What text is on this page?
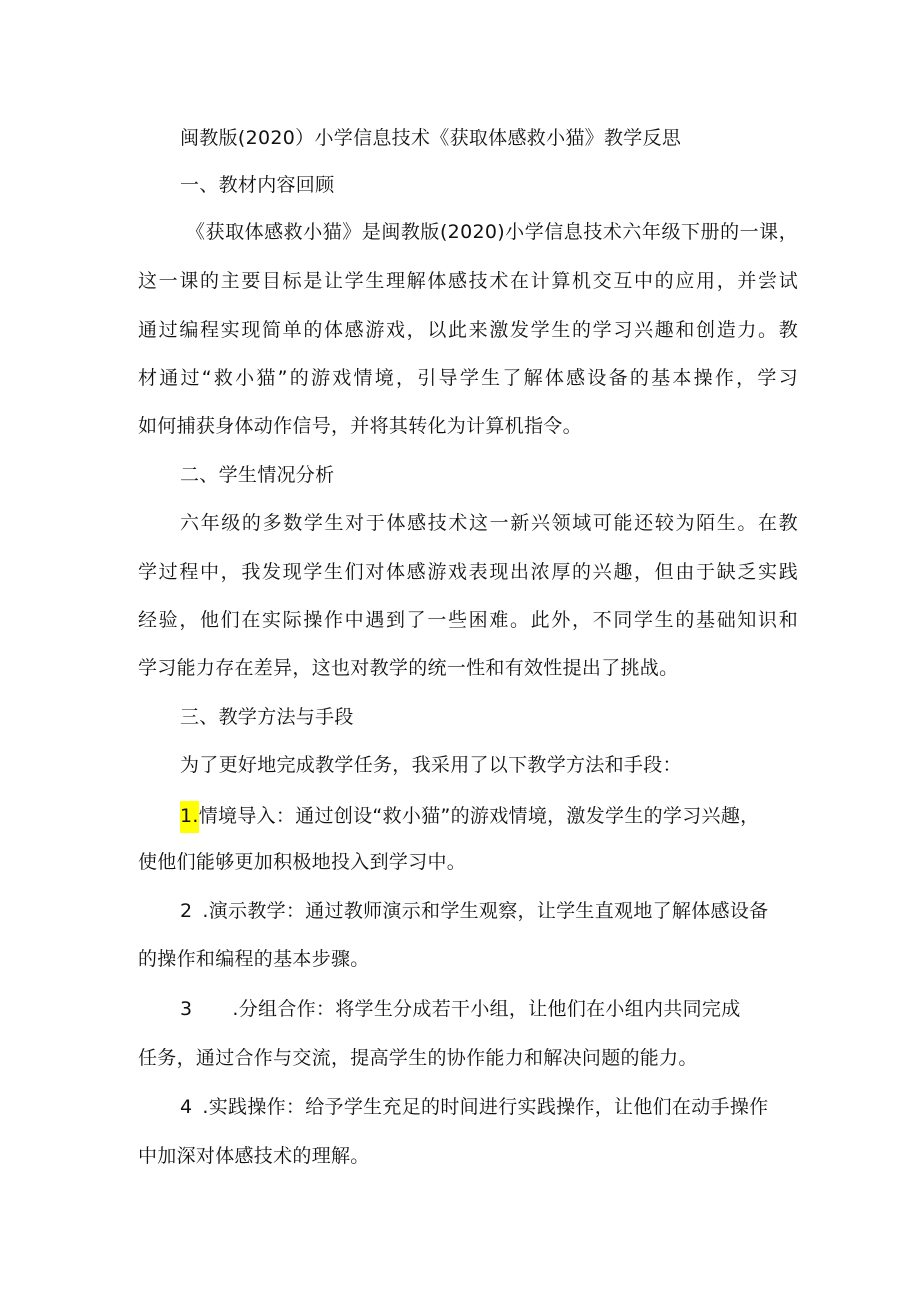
闽教版(2020）小学信息技术《获取体感救小猫》教学反思
一、教材内容回顾
《获取体感救小猫》是闽教版(2020)小学信息技术六年级下册的一课，
这一课的主要目标是让学生理解体感技术在计算机交互中的应用，并尝试
通过编程实现简单的体感游戏，以此来激发学生的学习兴趣和创造力。教
材通过“救小猫”的游戏情境，引导学生了解体感设备的基本操作，学习
如何捕获身体动作信号，并将其转化为计算机指令。
二、学生情况分析
六年级的多数学生对于体感技术这一新兴领域可能还较为陌生。在教
学过程中，我发现学生们对体感游戏表现出浓厚的兴趣，但由于缺乏实践
经验，他们在实际操作中遇到了一些困难。此外，不同学生的基础知识和
学习能力存在差异，这也对教学的统一性和有效性提出了挑战。
三、教学方法与手段
为了更好地完成教学任务，我采用了以下教学方法和手段：
1.情境导入：通过创设“救小猫”的游戏情境，激发学生的学习兴趣，
使他们能够更加积极地投入到学习中。
2 .演示教学：通过教师演示和学生观察，让学生直观地了解体感设备
的操作和编程的基本步骤。
3 .分组合作：将学生分成若干小组，让他们在小组内共同完成
任务，通过合作与交流，提高学生的协作能力和解决问题的能力。
4 .实践操作：给予学生充足的时间进行实践操作，让他们在动手操作
中加深对体感技术的理解。
